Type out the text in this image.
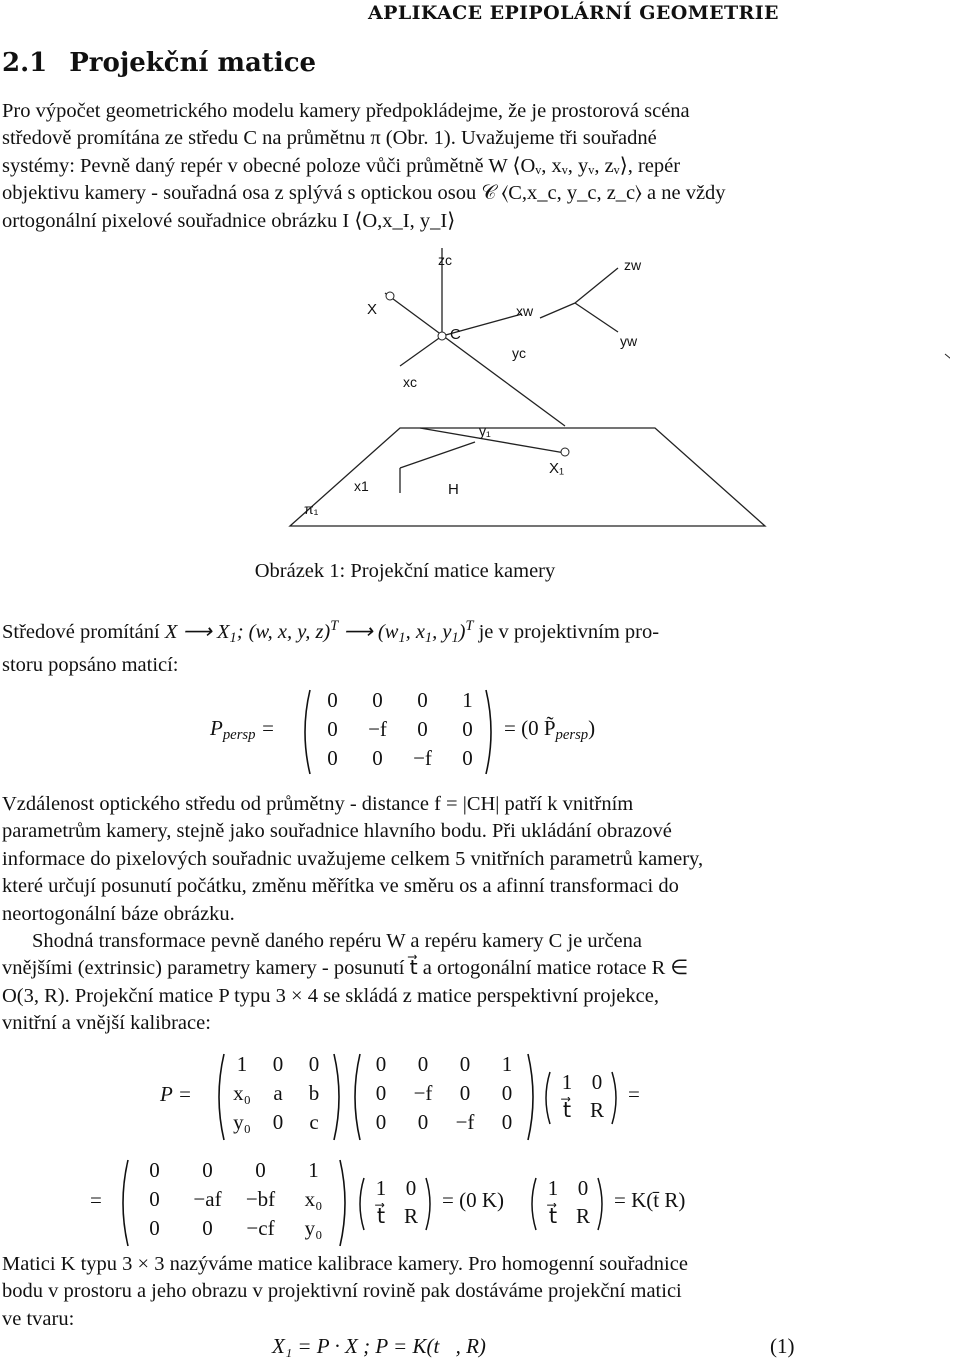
APLIKACE EPIPOLÁRNÍ GEOMETRIE
2.1 Projekční matice
Pro výpočet geometrického modelu kamery předpokládejme, že je prostorová scéna
středově promítána ze středu C na průmětnu π (Obr. 1). Uvažujeme tři souřadné
systémy: Pevně daný repér v obecné poloze vůči průmětně W ⟨Oᵥ, xᵥ, yᵥ, zᵥ⟩, repér
objektivu kamery - souřadná osa z splývá s optickou osou 𝒞 ⟨C,x_c, y_c, z_c⟩ a ne vždy
ortogonální pixelové souřadnice obrázku I ⟨O,x_I, y_I⟩
zc	zw
X
C
xw
yc
yw
xc
y₁
X₁
x1	H
π₁
Obrázek 1: Projekční matice kamery
Středové promítání X ⟶ $X_1$; (w, x, y, z)$^T$ ⟶ ($w_1$, $x_1$, $y_1)^T$ je v projektivním pro-
storu popsáno maticí:
$P_{persp}$ =
0	0	0	1
0	−f	0	0
0	0	−f	0
= (0 $P̃_{persp}$)
Vzdálenost optického středu od průmětny - distance f = |CH| patří k vnitřním
parametrům kamery, stejně jako souřadnice hlavního bodu. Při ukládání obrazové
informace do pixelových souřadnic uvažujeme celkem 5 vnitřních parametrů kamery,
které určují posunutí počátku, změnu měřítka ve směru os a afinní transformaci do
neortogonální báze obrázku.
Shodná transformace pevně daného repéru W a repéru kamery C je určena
vnějšími (extrinsic) parametry kamery - posunutí t⃗ a ortogonální matice rotace R ∈
O(3, R). Projekční matice P typu 3 × 4 se skládá z matice perspektivní projekce,
vnitřní a vnější kalibrace:
P =
1	0	0
x₀	a	b
y₀	0	c
0	0	0	1
0	−f	0	0
0	0	−f	0
1 0
t⃗ R
=
=
0	0	0	1
0	−af	−bf	x₀
0	0	−cf	y₀
1 0
t⃗ R
= (0 K)	1 0
t⃗ R
= K(t̄ R)
Matici K typu 3 × 3 nazýváme matice kalibrace kamery. Pro homogenní souřadnice
bodu v prostoru a jeho obrazu v projektivní rovině pak dostáváme projekční matici
ve tvaru:
X₁ = P · X ; P = K(t⃗, R)	(1)
